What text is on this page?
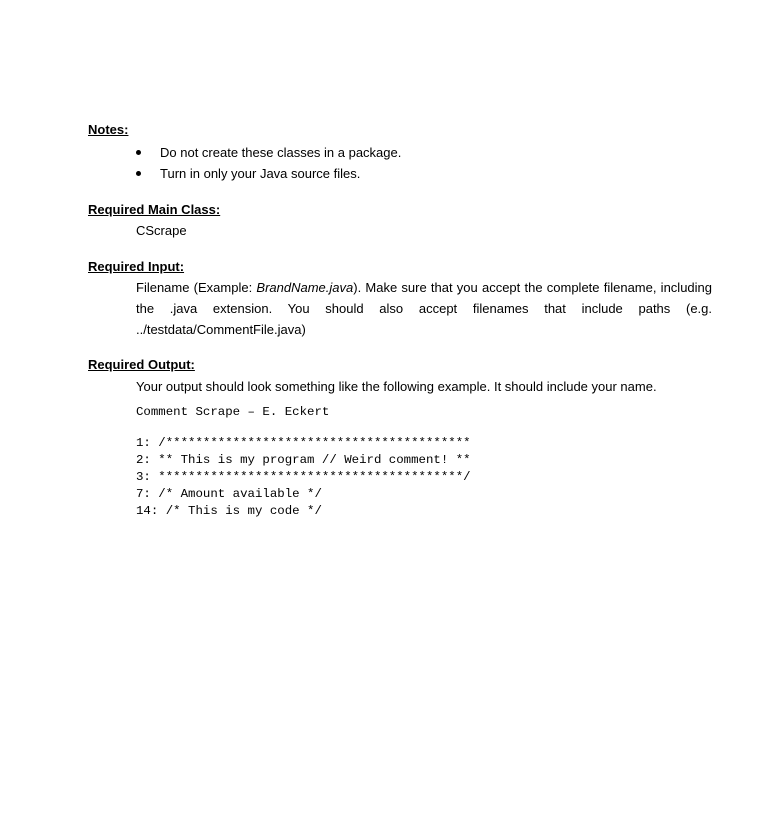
Notes:
Do not create these classes in a package.
Turn in only your Java source files.
Required Main Class:
CScrape
Required Input:
Filename (Example: BrandName.java). Make sure that you accept the complete filename, including the .java extension. You should also accept filenames that include paths (e.g. ../testdata/CommentFile.java)
Required Output:
Your output should look something like the following example. It should include your name.
Comment Scrape – E. Eckert
1: /*****************************************
2: ** This is my program // Weird comment! **
3: *****************************************/
7: /* Amount available */
14: /* This is my code */
